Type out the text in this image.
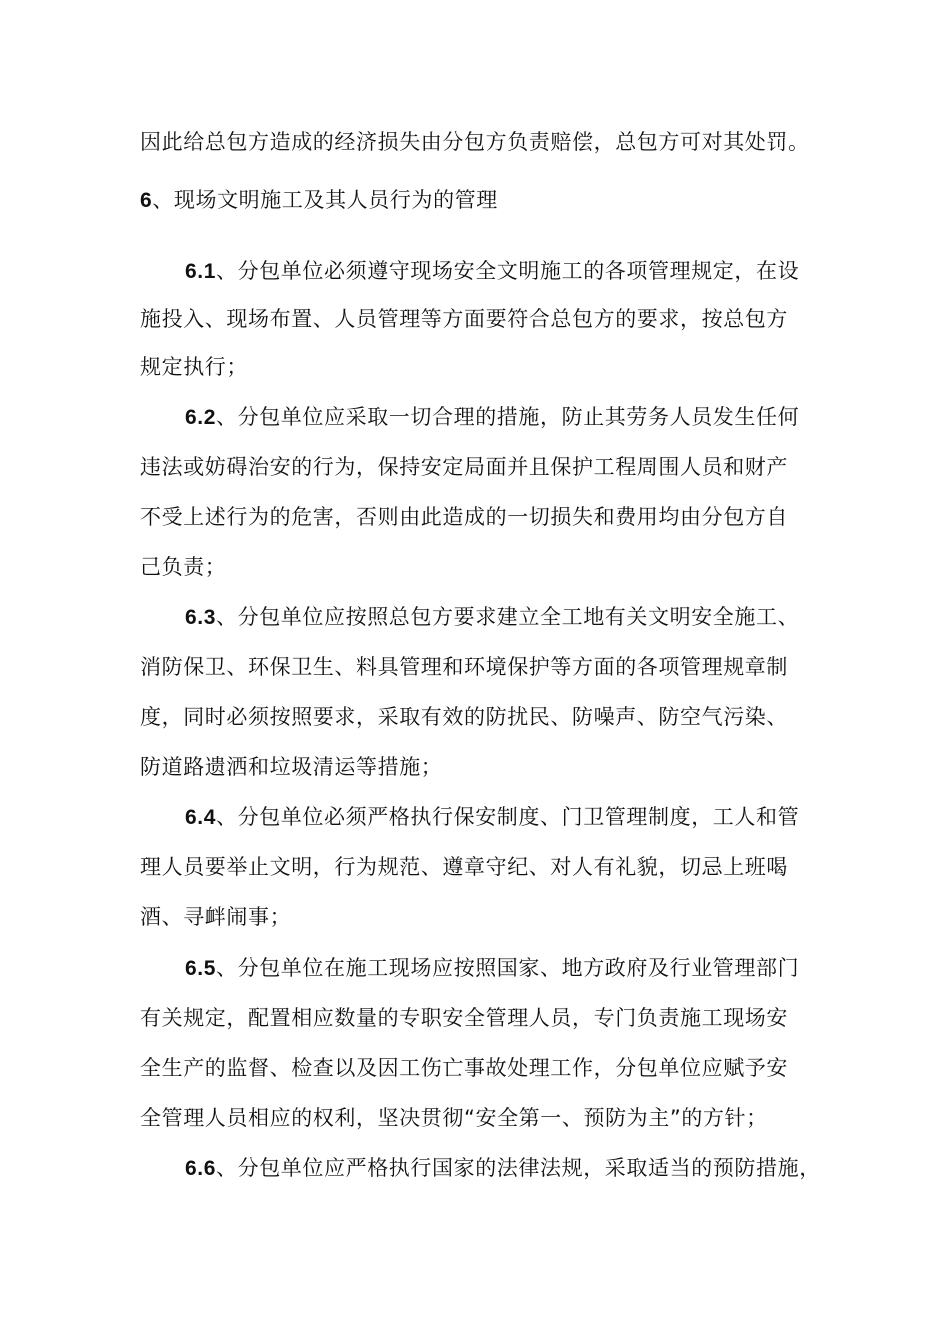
因此给总包方造成的经济损失由分包方负责赔偿，总包方可对其处罚。
6、现场文明施工及其人员行为的管理
6.1、分包单位必须遵守现场安全文明施工的各项管理规定，在设
施投入、现场布置、人员管理等方面要符合总包方的要求，按总包方
规定执行；
6.2、分包单位应采取一切合理的措施，防止其劳务人员发生任何
违法或妨碍治安的行为，保持安定局面并且保护工程周围人员和财产
不受上述行为的危害，否则由此造成的一切损失和费用均由分包方自
己负责；
6.3、分包单位应按照总包方要求建立全工地有关文明安全施工、
消防保卫、环保卫生、料具管理和环境保护等方面的各项管理规章制
度，同时必须按照要求，采取有效的防扰民、防噪声、防空气污染、
防道路遗洒和垃圾清运等措施；
6.4、分包单位必须严格执行保安制度、门卫管理制度，工人和管
理人员要举止文明，行为规范、遵章守纪、对人有礼貌，切忌上班喝
酒、寻衅闹事；
6.5、分包单位在施工现场应按照国家、地方政府及行业管理部门
有关规定，配置相应数量的专职安全管理人员，专门负责施工现场安
全生产的监督、检查以及因工伤亡事故处理工作，分包单位应赋予安
全管理人员相应的权利，坚决贯彻“安全第一、预防为主”的方针；
6.6、分包单位应严格执行国家的法律法规，采取适当的预防措施，
